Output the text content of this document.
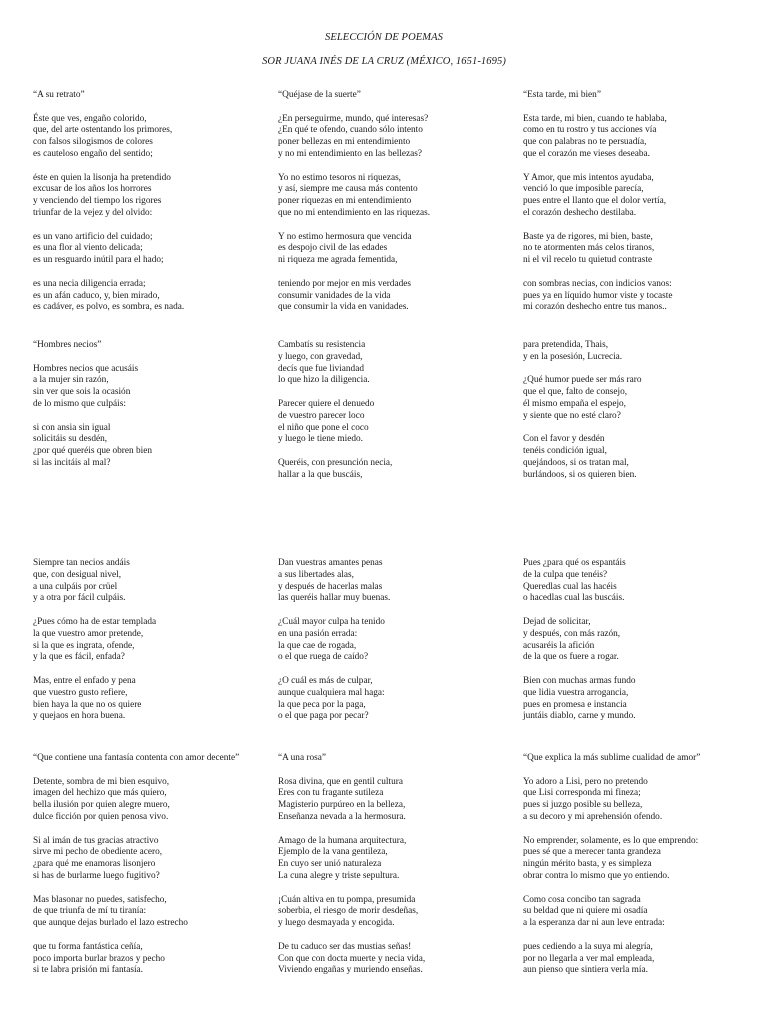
SELECCIÓN DE POEMAS
SOR JUANA INÉS DE LA CRUZ (MÉXICO, 1651-1695)
“A su retrato”
Éste que ves, engaño colorido,
que, del arte ostentando los primores,
con falsos silogismos de colores
es cauteloso engaño del sentido;
éste en quien la lisonja ha pretendido
excusar de los años los horrores
y venciendo del tiempo los rigores
triunfar de la vejez y del olvido:
es un vano artificio del cuidado;
es una flor al viento delicada;
es un resguardo inútil para el hado;
es una necia diligencia errada;
es un afán caduco, y, bien mirado,
es cadáver, es polvo, es sombra, es nada.
“Quéjase de la suerte”
¿En perseguirme, mundo, qué interesas?
¿En qué te ofendo, cuando sólo intento
poner bellezas en mi entendimiento
y no mi entendimiento en las bellezas?
Yo no estimo tesoros ni riquezas,
y así, siempre me causa más contento
poner riquezas en mi entendimiento
que no mi entendimiento en las riquezas.
Y no estimo hermosura que vencida
es despojo civil de las edades
ni riqueza me agrada fementida,
teniendo por mejor en mis verdades
consumir vanidades de la vida
que consumir la vida en vanidades.
“Esta tarde, mi bien”
Esta tarde, mi bien, cuando te hablaba,
como en tu rostro y tus acciones vía
que con palabras no te persuadía,
que el corazón me vieses deseaba.
Y Amor, que mis intentos ayudaba,
venció lo que imposible parecía,
pues entre el llanto que el dolor vertía,
el corazón deshecho destilaba.
Baste ya de rigores, mi bien, baste,
no te atormenten más celos tiranos,
ni el vil recelo tu quietud contraste
con sombras necias, con indicios vanos:
pues ya en líquido humor viste y tocaste
mi corazón deshecho entre tus manos..
“Hombres necios”
Hombres necios que acusáis
a la mujer sin razón,
sin ver que sois la ocasión
de lo mismo que culpáis:
si con ansia sin igual
solicitáis su desdén,
¿por qué queréis que obren bien
si las incitáis al mal?
Cambatís su resistencia
y luego, con gravedad,
decís que fue liviandad
lo que hizo la diligencia.
Parecer quiere el denuedo
de vuestro parecer loco
el niño que pone el coco
y luego le tiene miedo.
Queréis, con presunción necia,
hallar a la que buscáis,
para pretendida, Thais,
y en la posesión, Lucrecia.
¿Qué humor puede ser más raro
que el que, falto de consejo,
él mismo empaña el espejo,
y siente que no esté claro?
Con el favor y desdén
tenéis condición igual,
quejándoos, si os tratan mal,
burlándoos, si os quieren bien.
Siempre tan necios andáis
que, con desigual nivel,
a una culpáis por crüel
y a otra por fácil culpáis.
¿Pues cómo ha de estar templada
la que vuestro amor pretende,
si la que es ingrata, ofende,
y la que es fácil, enfada?
Mas, entre el enfado y pena
que vuestro gusto refiere,
bien haya la que no os quiere
y quejaos en hora buena.
Dan vuestras amantes penas
a sus libertades alas,
y después de hacerlas malas
las queréis hallar muy buenas.
¿Cuál mayor culpa ha tenido
en una pasión errada:
la que cae de rogada,
o el que ruega de caído?
¿O cuál es más de culpar,
aunque cualquiera mal haga:
la que peca por la paga,
o el que paga por pecar?
Pues ¿para qué os espantáis
de la culpa que tenéis?
Queredlas cual las hacéis
o hacedlas cual las buscáis.
Dejad de solicitar,
y después, con más razón,
acusaréis la afición
de la que os fuere a rogar.
Bien con muchas armas fundo
que lidia vuestra arrogancia,
pues en promesa e instancia
juntáis diablo, carne y mundo.
“Que contiene una fantasía contenta con amor decente”
Detente, sombra de mi bien esquivo,
imagen del hechizo que más quiero,
bella ilusión por quien alegre muero,
dulce ficción por quien penosa vivo.
Si al imán de tus gracias atractivo
sirve mi pecho de obediente acero,
¿para qué me enamoras lisonjero
si has de burlarme luego fugitivo?
Mas blasonar no puedes, satisfecho,
de que triunfa de mí tu tiranía:
que aunque dejas burlado el lazo estrecho
que tu forma fantástica ceñía,
poco importa burlar brazos y pecho
si te labra prisión mi fantasía.
“A una rosa”
Rosa divina, que en gentil cultura
Eres con tu fragante sutileza
Magisterio purpúreo en la belleza,
Enseñanza nevada a la hermosura.
Amago de la humana arquitectura,
Ejemplo de la vana gentileza,
En cuyo ser unió naturaleza
La cuna alegre y triste sepultura.
¡Cuán altiva en tu pompa, presumida
soberbia, el riesgo de morir desdeñas,
y luego desmayada y encogida.
De tu caduco ser das mustias señas!
Con que con docta muerte y necia vida,
Viviendo engañas y muriendo enseñas.
“Que explica la más sublime cualidad de amor”
Yo adoro a Lisi, pero no pretendo
que Lisi corresponda mi fineza;
pues si juzgo posible su belleza,
a su decoro y mi aprehensión ofendo.
No emprender, solamente, es lo que emprendo:
pues sé que a merecer tanta grandeza
ningún mérito basta, y es simpleza
obrar contra lo mismo que yo entiendo.
Como cosa concibo tan sagrada
su beldad que ni quiere mi osadía
a la esperanza dar ni aun leve entrada:
pues cediendo a la suya mi alegría,
por no llegarla a ver mal empleada,
aun pienso que sintiera verla mía.
